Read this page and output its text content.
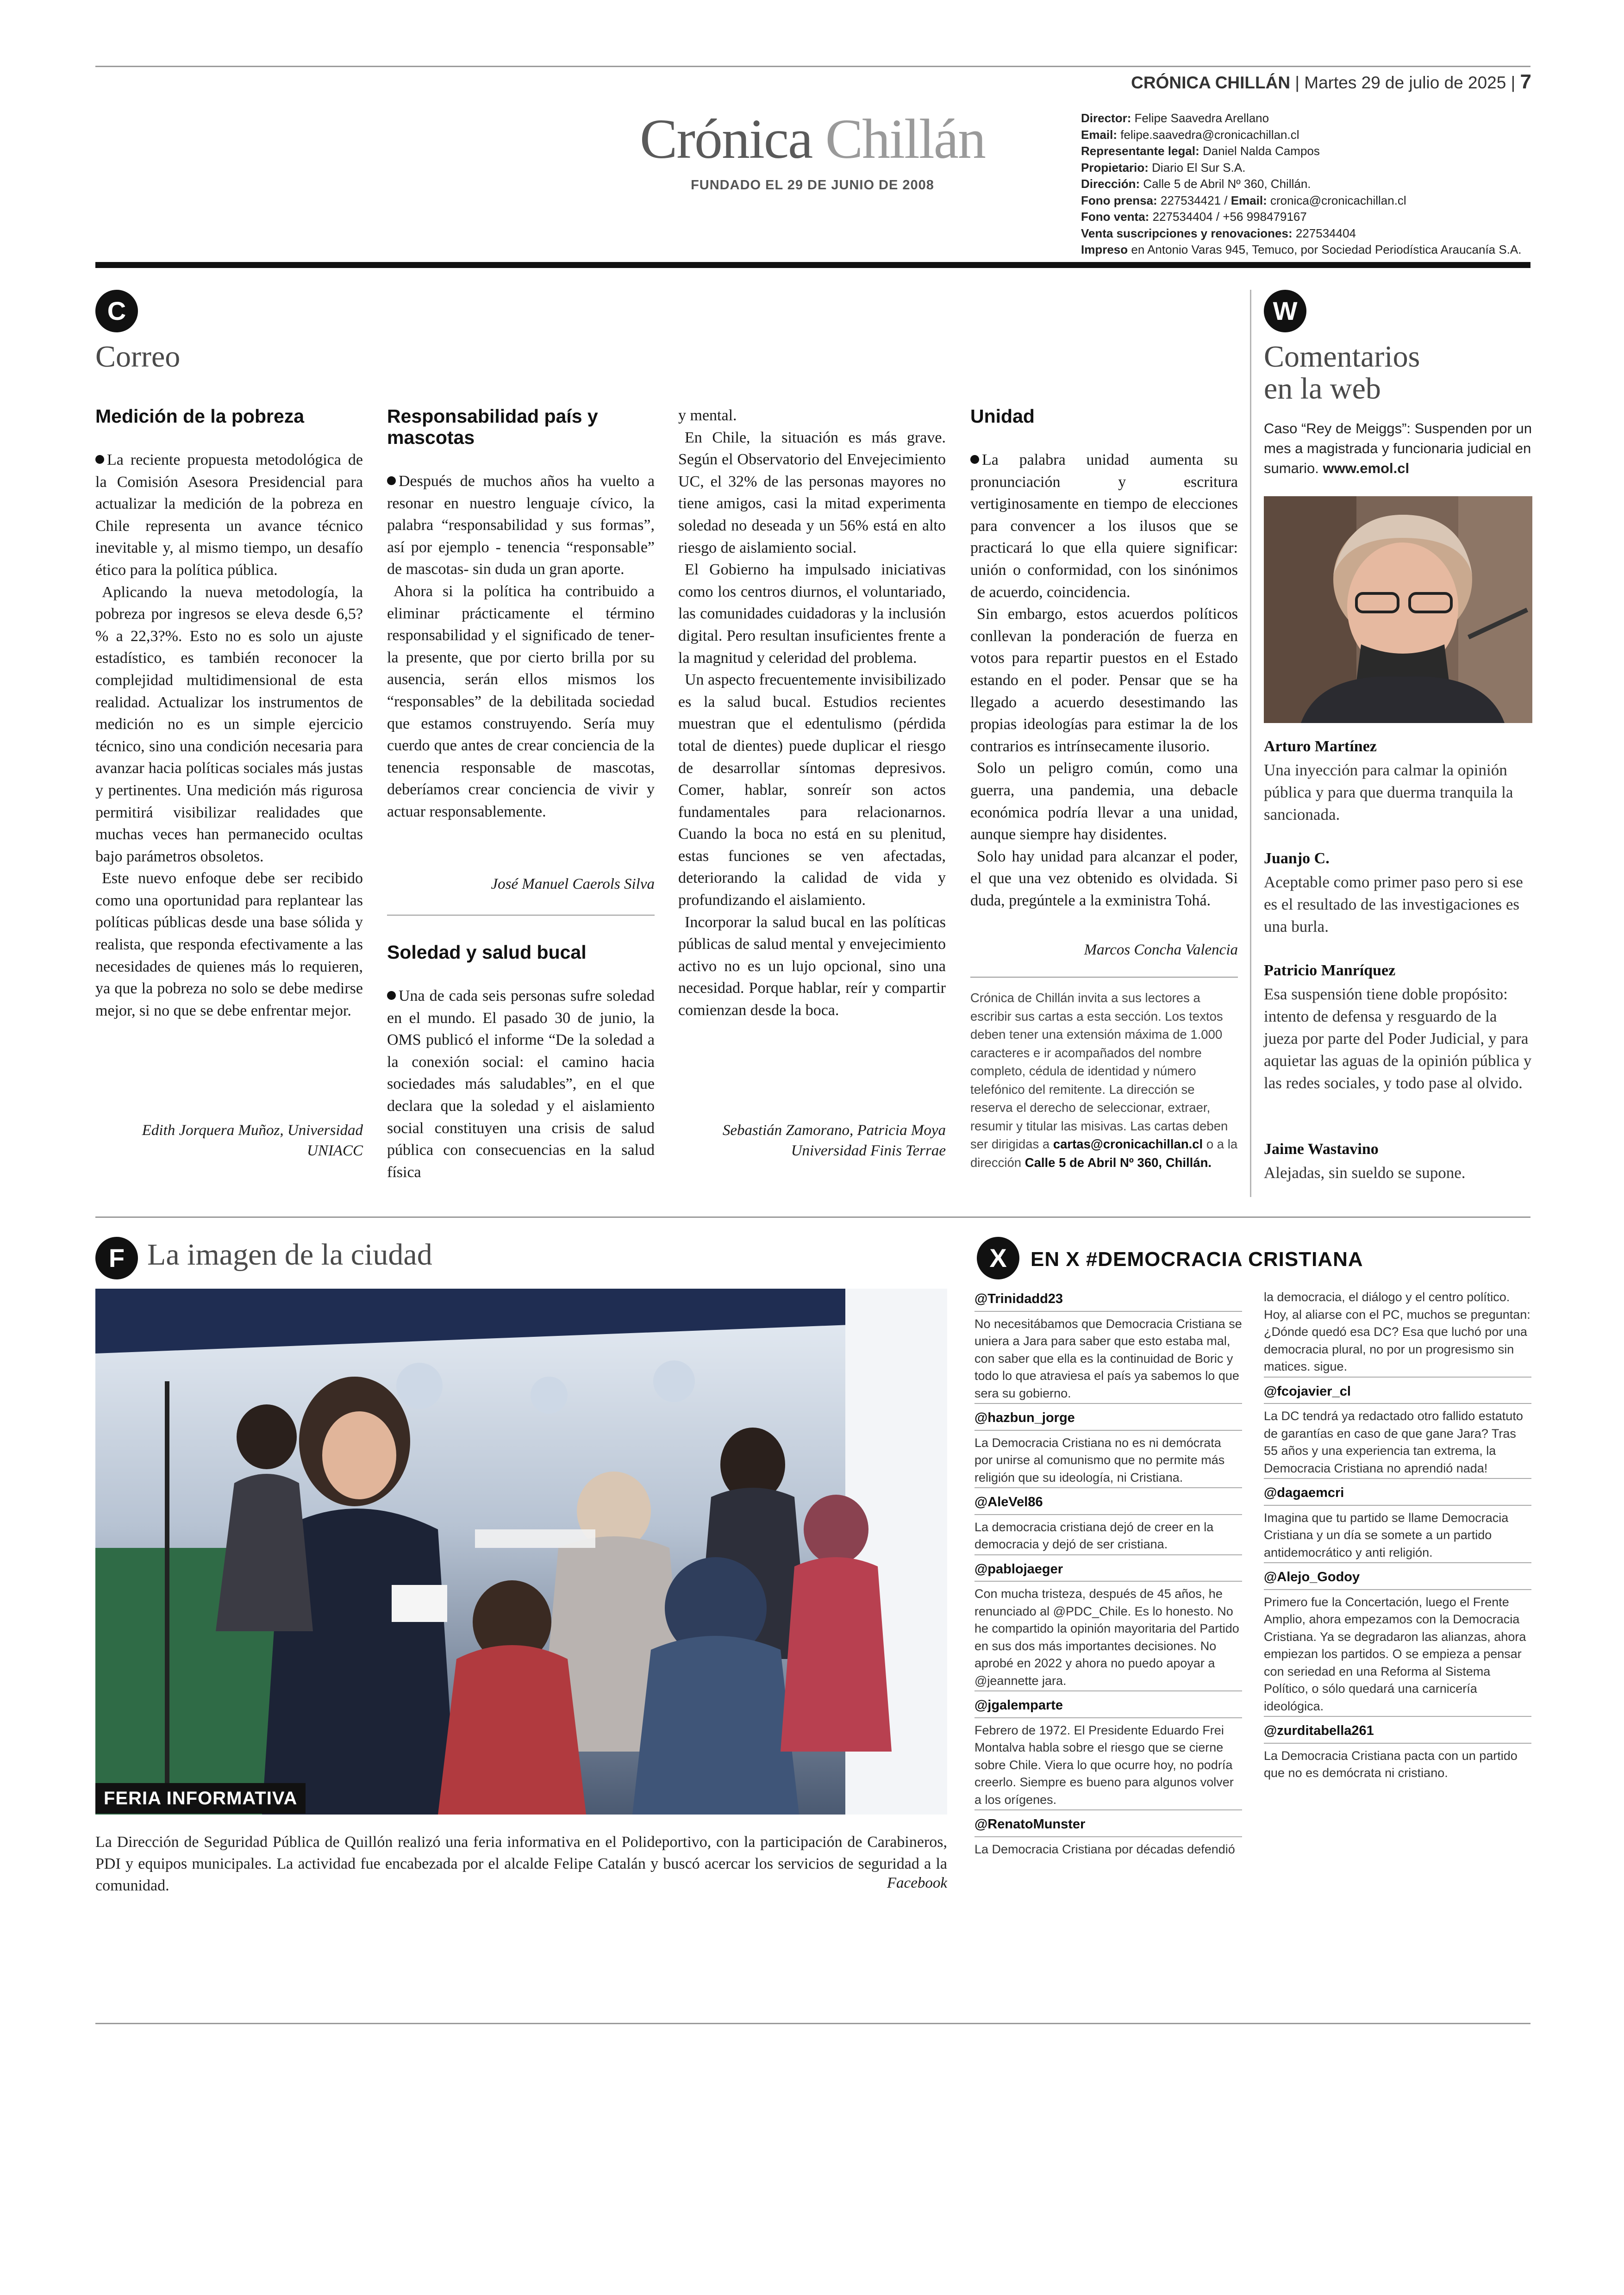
CRÓNICA CHILLÁN | Martes 29 de julio de 2025 | 7
Crónica Chillán
FUNDADO EL 29 DE JUNIO DE 2008
Director: Felipe Saavedra Arellano
Email: felipe.saavedra@cronicachillan.cl
Representante legal: Daniel Nalda Campos
Propietario: Diario El Sur S.A.
Dirección: Calle 5 de Abril Nº 360, Chillán.
Fono prensa: 227534421 / Email: cronica@cronicachillan.cl
Fono venta: 227534404 / +56 998479167
Venta suscripciones y renovaciones: 227534404
Impreso en Antonio Varas 945, Temuco, por Sociedad Periodística Araucanía S.A.
C
Correo
Medición de la pobreza

La reciente propuesta metodológica de la Comisión Asesora Presidencial para actualizar la medición de la pobreza en Chile representa un avance técnico inevitable y, al mismo tiempo, un desafío ético para la política pública.

Aplicando la nueva metodología, la pobreza por ingresos se eleva desde 6,5?% a 22,3?%. Esto no es solo un ajuste estadístico, es también reconocer la complejidad multidimensional de esta realidad. Actualizar los instrumentos de medición no es un simple ejercicio técnico, sino una condición necesaria para avanzar hacia políticas sociales más justas y pertinentes. Una medición más rigurosa permitirá visibilizar realidades que muchas veces han permanecido ocultas bajo parámetros obsoletos.

Este nuevo enfoque debe ser recibido como una oportunidad para replantear las políticas públicas desde una base sólida y realista, que responda efectivamente a las necesidades de quienes más lo requieren, ya que la pobreza no solo se debe medirse mejor, si no que se debe enfrentar mejor.

Edith Jorquera Muñoz, Universidad
UNIACC
Responsabilidad país y mascotas

Después de muchos años ha vuelto a resonar en nuestro lenguaje cívico, la palabra “responsabilidad y sus formas”, así por ejemplo - tenencia “responsable” de mascotas- sin duda un gran aporte.

Ahora si la política ha contribuido a eliminar prácticamente el término responsabilidad y el significado de tener- la presente, que por cierto brilla por su ausencia, serán ellos mismos los “responsables” de la debilitada sociedad que estamos construyendo. Sería muy cuerdo que antes de crear conciencia de la tenencia responsable de mascotas, deberíamos crear conciencia de vivir y actuar responsablemente.

José Manuel Caerols Silva
Soledad y salud bucal

Una de cada seis personas sufre soledad en el mundo. El pasado 30 de junio, la OMS publicó el informe “De la soledad a la conexión social: el camino hacia sociedades más saludables”, en el que declara que la soledad y el aislamiento social constituyen una crisis de salud pública con consecuencias en la salud física

y mental.

En Chile, la situación es más grave. Según el Observatorio del Envejecimiento UC, el 32% de las personas mayores no tiene amigos, casi la mitad experimenta soledad no deseada y un 56% está en alto riesgo de aislamiento social.

El Gobierno ha impulsado iniciativas como los centros diurnos, el voluntariado, las comunidades cuidadoras y la inclusión digital. Pero resultan insuficientes frente a la magnitud y celeridad del problema.

Un aspecto frecuentemente invisibilizado es la salud bucal. Estudios recientes muestran que el edentulismo (pérdida total de dientes) puede duplicar el riesgo de desarrollar síntomas depresivos. Comer, hablar, sonreír son actos fundamentales para relacionarnos. Cuando la boca no está en su plenitud, estas funciones se ven afectadas, deteriorando la calidad de vida y profundizando el aislamiento.

Incorporar la salud bucal en las políticas públicas de salud mental y envejecimiento activo no es un lujo opcional, sino una necesidad. Porque hablar, reír y compartir comienzan desde la boca.

Sebastián Zamorano, Patricia Moya
Universidad Finis Terrae
Unidad

La palabra unidad aumenta su pronunciación y escritura vertiginosamente en tiempo de elecciones para convencer a los ilusos que se practicará lo que ella quiere significar: unión o conformidad, con los sinónimos de acuerdo, coincidencia.

Sin embargo, estos acuerdos políticos conllevan la ponderación de fuerza en votos para repartir puestos en el Estado estando en el poder. Pensar que se ha llegado a acuerdo desestimando las propias ideologías para estimar la de los contrarios es intrínsecamente ilusorio.

Solo un peligro común, como una guerra, una pandemia, una debacle económica podría llevar a una unidad, aunque siempre hay disidentes.

Solo hay unidad para alcanzar el poder, el que una vez obtenido es olvidada. Si duda, pregúntele a la exministra Tohá.

Marcos Concha Valencia
Crónica de Chillán invita a sus lectores a escribir sus cartas a esta sección. Los textos deben tener una extensión máxima de 1.000 caracteres e ir acompañados del nombre completo, cédula de identidad y número telefónico del remitente. La dirección se reserva el derecho de seleccionar, extraer, resumir y titular las misivas. Las cartas deben ser dirigidas a cartas@cronicachillan.cl o a la dirección Calle 5 de Abril Nº 360, Chillán.
W
Comentarios
en la web
Caso “Rey de Meiggs”: Suspenden por un mes a magistrada y funcionaria judicial en sumario. www.emol.cl
Arturo Martínez
Una inyección para calmar la opinión pública y para que duerma tranquila la sancionada.
Juanjo C.
Aceptable como primer paso pero si ese es el resultado de las investigaciones es una burla.
Patricio Manríquez
Esa suspensión tiene doble propósito: intento de defensa y resguardo de la jueza por parte del Poder Judicial, y para aquietar las aguas de la opinión pública y las redes sociales, y todo pase al olvido.
Jaime Wastavino
Alejadas, sin sueldo se supone.
F La imagen de la ciudad
FERIA INFORMATIVA
La Dirección de Seguridad Pública de Quillón realizó una feria informativa en el Polideportivo, con la participación de Carabineros, PDI y equipos municipales. La actividad fue encabezada por el alcalde Felipe Catalán y buscó acercar los servicios de seguridad a la comunidad.	Facebook
X	EN X #DEMOCRACIA CRISTIANA
@Trinidadd23
No necesitábamos que Democracia Cristiana se uniera a Jara para saber que esto estaba mal, con saber que ella es la continuidad de Boric y todo lo que atraviesa el país ya sabemos lo que sera su gobierno.
@hazbun_jorge
La Democracia Cristiana no es ni demócrata por unirse al comunismo que no permite más religión que su ideología, ni Cristiana.
@AleVel86
La democracia cristiana dejó de creer en la democracia y dejó de ser cristiana.
@pablojaeger
Con mucha tristeza, después de 45 años, he renunciado al @PDC_Chile. Es lo honesto. No he compartido la opinión mayoritaria del Partido en sus dos más importantes decisiones. No aprobé en 2022 y ahora no puedo apoyar a @jeannette jara.
@jgalemparte
Febrero de 1972. El Presidente Eduardo Frei Montalva habla sobre el riesgo que se cierne sobre Chile. Viera lo que ocurre hoy, no podría creerlo. Siempre es bueno para algunos volver a los orígenes.
@RenatoMunster
La Democracia Cristiana por décadas defendió
la democracia, el diálogo y el centro político. Hoy, al aliarse con el PC, muchos se preguntan: ¿Dónde quedó esa DC? Esa que luchó por una democracia plural, no por un progresismo sin matices. sigue.
@fcojavier_cl
La DC tendrá ya redactado otro fallido estatuto de garantías en caso de que gane Jara? Tras 55 años y una experiencia tan extrema, la Democracia Cristiana no aprendió nada!
@dagaemcri
Imagina que tu partido se llame Democracia Cristiana y un día se somete a un partido antidemocrático y anti religión.
@Alejo_Godoy
Primero fue la Concertación, luego el Frente Amplio, ahora empezamos con la Democracia Cristiana. Ya se degradaron las alianzas, ahora empiezan los partidos. O se empieza a pensar con seriedad en una Reforma al Sistema Político, o sólo quedará una carnicería ideológica.
@zurditabella261
La Democracia Cristiana pacta con un partido que no es demócrata ni cristiano.
